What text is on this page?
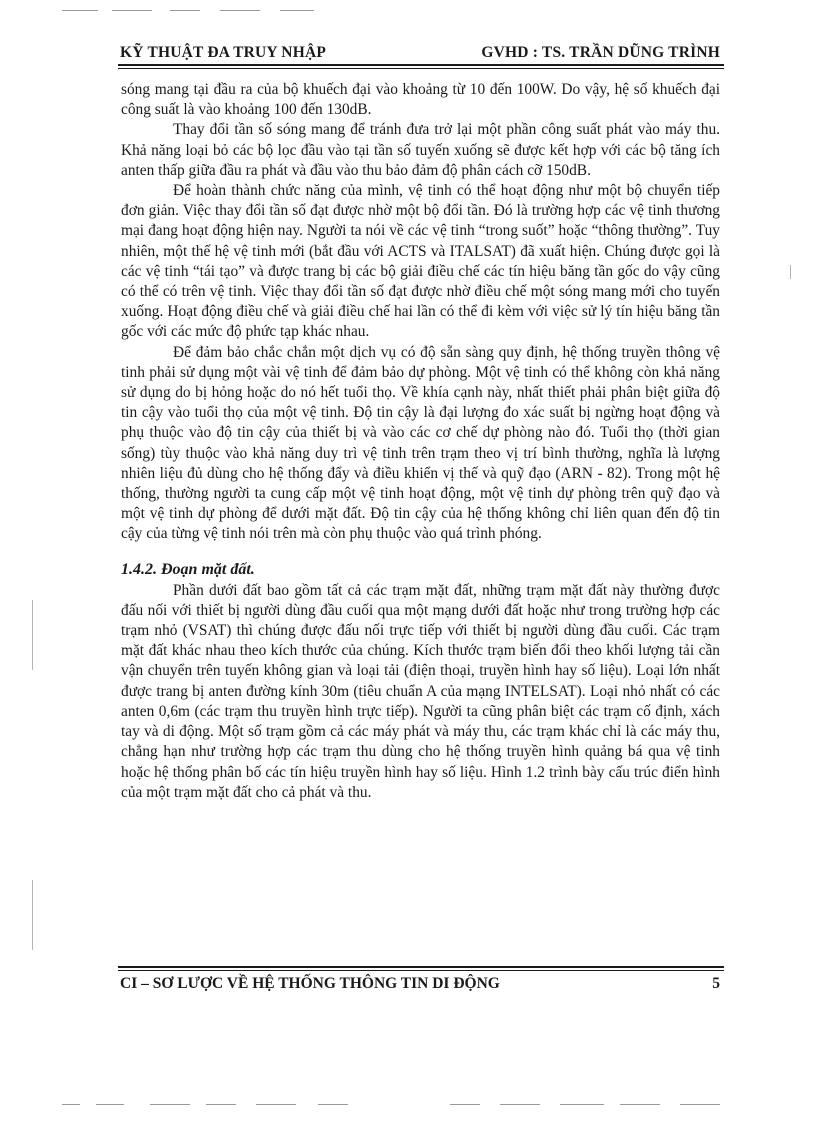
KỸ THUẬT ĐA TRUY NHẬP	GVHD : TS. TRẦN DŨNG TRÌNH

sóng mang tại đầu ra của bộ khuếch đại vào khoảng từ 10 đến 100W. Do vậy, hệ số khuếch đại công suất là vào khoảng 100 đến 130dB.

Thay đổi tần số sóng mang để tránh đưa trở lại một phần công suất phát vào máy thu. Khả năng loại bỏ các bộ lọc đầu vào tại tần số tuyến xuống sẽ được kết hợp với các bộ tăng ích anten thấp giữa đầu ra phát và đầu vào thu bảo đảm độ phân cách cỡ 150dB.

Để hoàn thành chức năng của mình, vệ tinh có thể hoạt động như một bộ chuyển tiếp đơn giản. Việc thay đổi tần số đạt được nhờ một bộ đổi tần. Đó là trường hợp các vệ tinh thương mại đang hoạt động hiện nay. Người ta nói về các vệ tinh “trong suốt” hoặc “thông thường”. Tuy nhiên, một thế hệ vệ tinh mới (bắt đầu với ACTS và ITALSAT) đã xuất hiện. Chúng được gọi là các vệ tinh “tái tạo” và được trang bị các bộ giải điều chế các tín hiệu băng tần gốc do vậy cũng có thể có trên vệ tinh. Việc thay đổi tần số đạt được nhờ điều chế một sóng mang mới cho tuyến xuống. Hoạt động điều chế và giải điều chế hai lần có thể đi kèm với việc sử lý tín hiệu băng tần gốc với các mức độ phức tạp khác nhau.

Để đảm bảo chắc chắn một dịch vụ có độ sẵn sàng quy định, hệ thống truyền thông vệ tinh phải sử dụng một vài vệ tinh để đảm bảo dự phòng. Một vệ tinh có thể không còn khả năng sử dụng do bị hỏng hoặc do nó hết tuổi thọ. Về khía cạnh này, nhất thiết phải phân biệt giữa độ tin cậy vào tuổi thọ của một vệ tinh. Độ tin cậy là đại lượng đo xác suất bị ngừng hoạt động và phụ thuộc vào độ tin cậy của thiết bị và vào các cơ chế dự phòng nào đó. Tuổi thọ (thời gian sống) tùy thuộc vào khả năng duy trì vệ tinh trên trạm theo vị trí bình thường, nghĩa là lượng nhiên liệu đủ dùng cho hệ thống đẩy và điều khiển vị thế và quỹ đạo (ARN - 82). Trong một hệ thống, thường người ta cung cấp một vệ tinh hoạt động, một vệ tinh dự phòng trên quỹ đạo và một vệ tinh dự phòng để dưới mặt đất. Độ tin cậy của hệ thống không chỉ liên quan đến độ tin cậy của từng vệ tinh nói trên mà còn phụ thuộc vào quá trình phóng.

1.4.2. Đoạn mặt đất.

Phần dưới đất bao gồm tất cả các trạm mặt đất, những trạm mặt đất này thường được đấu nối với thiết bị người dùng đầu cuối qua một mạng dưới đất hoặc như trong trường hợp các trạm nhỏ (VSAT) thì chúng được đấu nối trực tiếp với thiết bị người dùng đầu cuối. Các trạm mặt đất khác nhau theo kích thước của chúng. Kích thước trạm biến đổi theo khối lượng tải cần vận chuyển trên tuyến không gian và loại tải (điện thoại, truyền hình hay số liệu). Loại lớn nhất được trang bị anten đường kính 30m (tiêu chuẩn A của mạng INTELSAT). Loại nhỏ nhất có các anten 0,6m (các trạm thu truyền hình trực tiếp). Người ta cũng phân biệt các trạm cố định, xách tay và di động. Một số trạm gồm cả các máy phát và máy thu, các trạm khác chỉ là các máy thu, chẳng hạn như trường hợp các trạm thu dùng cho hệ thống truyền hình quảng bá qua vệ tinh hoặc hệ thống phân bố các tín hiệu truyền hình hay số liệu. Hình 1.2 trình bày cấu trúc điển hình của một trạm mặt đất cho cả phát và thu.

CI – SƠ LƯỢC VỀ HỆ THỐNG THÔNG TIN DI ĐỘNG	5
